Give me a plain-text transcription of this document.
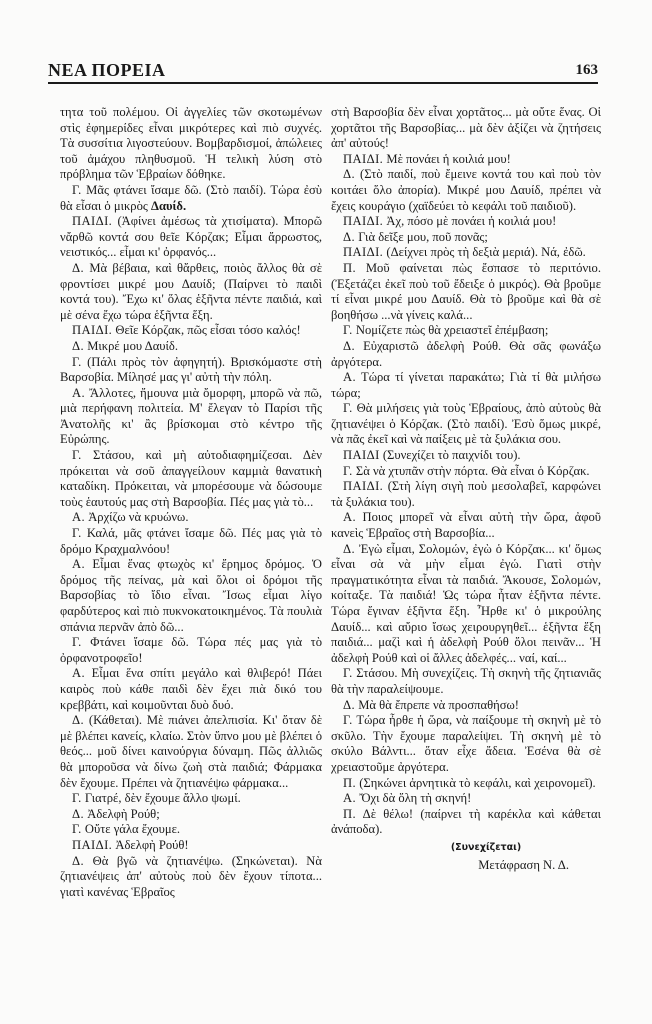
ΝΕΑ ΠΟΡΕΙΑ	163

τητα τοῦ πολέμου. Οἱ ἀγγελίες τῶν σκοτωμένων στὶς ἐφημερίδες εἶναι μικρότερες καὶ πιὸ συχνές. Τὰ συσσίτια λιγοστεύουν. Βομβαρδισμοί, ἀπώλειες τοῦ ἀμάχου πληθυσμοῦ. Ἡ τελικὴ λύση στὸ πρόβλημα τῶν Ἑβραίων δόθηκε.

Γ. Μᾶς φτάνει ἴσαμε δῶ. (Στὸ παιδί). Τώρα ἐσὺ θὰ εἶσαι ὁ μικρὸς Δαυίδ.

ΠΑΙΔΙ. (Ἀφίνει ἀμέσως τὰ χτισίματα). Μπορῶ νἄρθῶ κοντά σου θεῖε Κόρζακ; Εἶμαι ἄρρωστος, νειστικός... εἶμαι κι' ὀρφανός...

Δ. Μὰ βέβαια, καὶ θἄρθεις, ποιὸς ἄλλος θὰ σὲ φροντίσει μικρέ μου Δαυίδ; (Παίρνει τὸ παιδὶ κοντά του). Ἔχω κι' ὅλας ἑξῆντα πέντε παιδιά, καὶ μὲ σένα ἔχω τώρα ἑξῆντα ἕξη.

ΠΑΙΔΙ. Θεῖε Κόρζακ, πῶς εἶσαι τόσο καλός!

Δ. Μικρέ μου Δαυίδ.

Γ. (Πάλι πρὸς τὸν ἀφηγητή). Βρισκόμαστε στὴ Βαρσοβία. Μίλησέ μας γι' αὐτὴ τὴν πόλη.

Α. Ἄλλοτες, ἤμουνα μιὰ ὄμορφη, μπορῶ νὰ πῶ, μιὰ περήφανη πολιτεία. Μ' ἔλεγαν τὸ Παρίσι τῆς Ἀνατολῆς κι' ἂς βρίσκομαι στὸ κέντρο τῆς Εὐρώπης.

Γ. Στάσου, καὶ μὴ αὐτοδιαφημίζεσαι. Δὲν πρόκειται νὰ σοῦ ἀπαγγείλουν καμμιὰ θανατικὴ καταδίκη. Πρόκειται, νὰ μπορέσουμε νὰ δώσουμε τοὺς ἑαυτούς μας στὴ Βαρσοβία. Πές μας γιὰ τὸ...

Α. Ἀρχίζω νὰ κρυώνω.

Γ. Καλά, μᾶς φτάνει ἴσαμε δῶ. Πές μας γιὰ τὸ δρόμο Κραχμαλνόου!

Α. Εἶμαι ἕνας φτωχὸς κι' ἔρημος δρόμος. Ὁ δρόμος τῆς πείνας, μὰ καὶ ὅλοι οἱ δρόμοι τῆς Βαρσοβίας τὸ ἴδιο εἶναι. Ἴσως εἶμαι λίγο φαρδύτερος καὶ πιὸ πυκνοκατοικημένος. Τὰ πουλιὰ σπάνια περνᾶν ἀπὸ δῶ...

Γ. Φτάνει ἴσαμε δῶ. Τώρα πές μας γιὰ τὸ ὀρφανοτροφεῖο!

Α. Εἶμαι ἕνα σπίτι μεγάλο καὶ θλιβερό! Πάει καιρὸς ποὺ κάθε παιδὶ δὲν ἔχει πιὰ δικό του κρεββάτι, καὶ κοιμοῦνται δυὸ δυό.

Δ. (Κάθεται). Μὲ πιάνει ἀπελπισία. Κι' ὅταν δὲ μὲ βλέπει κανείς, κλαίω. Στὸν ὕπνο μου μὲ βλέπει ὁ θεός... μοῦ δίνει καινούργια δύναμη. Πῶς ἀλλιῶς θὰ μποροῦσα νὰ δίνω ζωὴ στὰ παιδιά; Φάρμακα δὲν ἔχουμε. Πρέπει νὰ ζητιανέψω φάρμακα...

Γ. Γιατρέ, δὲν ἔχουμε ἄλλο ψωμί.

Δ. Ἀδελφὴ Ρούθ;

Γ. Οὔτε γάλα ἔχουμε.

ΠΑΙΔΙ. Ἀδελφὴ Ρούθ!

Δ. Θὰ βγῶ νὰ ζητιανέψω. (Σηκώνεται). Νὰ ζητιανέψεις ἀπ' αὐτοὺς ποὺ δὲν ἔχουν τίποτα... γιατὶ κανένας Ἑβραῖος

στὴ Βαρσοβία δὲν εἶναι χορτᾶτος... μὰ οὔτε ἕνας. Οἱ χορτᾶτοι τῆς Βαρσοβίας... μὰ δὲν ἀξίζει νὰ ζητήσεις ἀπ' αὐτούς!

ΠΑΙΔΙ. Μὲ πονάει ἡ κοιλιά μου!

Δ. (Στὸ παιδί, ποὺ ἔμεινε κοντά του καὶ ποὺ τὸν κοιτάει ὅλο ἀπορία). Μικρέ μου Δαυίδ, πρέπει νὰ ἔχεις κουράγιο (χαϊδεύει τὸ κεφάλι τοῦ παιδιοῦ).

ΠΑΙΔΙ. Ἀχ, πόσο μὲ πονάει ἡ κοιλιά μου!

Δ. Γιὰ δεῖξε μου, ποῦ πονᾶς;

ΠΑΙΔΙ. (Δείχνει πρὸς τὴ δεξιὰ μεριά). Νά, ἐδῶ.

Π. Μοῦ φαίνεται πὼς ἔσπασε τὸ περιτόνιο. (Ἐξετάζει ἐκεῖ ποὺ τοῦ ἔδειξε ὁ μικρός). Θὰ βροῦμε τί εἶναι μικρέ μου Δαυίδ. Θὰ τὸ βροῦμε καὶ θὰ σὲ βοηθήσω ...νὰ γίνεις καλά...

Γ. Νομίζετε πὼς θὰ χρειαστεῖ ἐπέμβαση;

Δ. Εὐχαριστῶ ἀδελφὴ Ρούθ. Θὰ σᾶς φωνάξω ἀργότερα.

Α. Τώρα τί γίνεται παρακάτω; Γιὰ τί θὰ μιλήσω τώρα;

Γ. Θὰ μιλήσεις γιὰ τοὺς Ἑβραίους, ἀπὸ αὐτοὺς θὰ ζητιανέψει ὁ Κόρζακ. (Στὸ παιδί). Ἐσὺ ὅμως μικρέ, νὰ πᾶς ἐκεῖ καὶ νὰ παίξεις μὲ τὰ ξυλάκια σου.

ΠΑΙΔΙ (Συνεχίζει τὸ παιχνίδι του).

Γ. Σὰ νὰ χτυπᾶν στὴν πόρτα. Θὰ εἶναι ὁ Κόρζακ.

ΠΑΙΔΙ. (Στὴ λίγη σιγὴ ποὺ μεσολαβεῖ, καρφώνει τὰ ξυλάκια του).

Α. Ποιος μπορεῖ νὰ εἶναι αὐτὴ τὴν ὥρα, ἀφοῦ κανεὶς Ἑβραῖος στὴ Βαρσοβία...

Δ. Ἐγὼ εἶμαι, Σολομών, ἐγὼ ὁ Κόρζακ... κι' ὅμως εἶναι σὰ νὰ μὴν εἶμαι ἐγώ. Γιατὶ στὴν πραγματικότητα εἶναι τὰ παιδιά. Ἄκουσε, Σολομών, κοίταξε. Τὰ παιδιά! Ὡς τώρα ἦταν ἑξῆντα πέντε. Τώρα ἔγιναν ἑξῆντα ἕξη. Ἦρθε κι' ὁ μικρούλης Δαυίδ... καὶ αὔριο ἴσως χειρουργηθεῖ... ἑξῆντα ἕξη παιδιά... μαζὶ καὶ ἡ ἀδελφὴ Ρούθ ὅλοι πεινᾶν... Ἡ ἀδελφὴ Ρούθ καὶ οἱ ἄλλες ἀδελφές... ναί, καί...

Γ. Στάσου. Μὴ συνεχίζεις. Τὴ σκηνὴ τῆς ζητιανιᾶς θὰ τὴν παραλείψουμε.

Δ. Μὰ θὰ ἔπρεπε νὰ προσπαθήσω!

Γ. Τώρα ἦρθε ἡ ὥρα, νὰ παίξουμε τὴ σκηνὴ μὲ τὸ σκῦλο. Τὴν ἔχουμε παραλείψει. Τὴ σκηνὴ μὲ τὸ σκύλο Βάλντι... ὅταν εἶχε ἄδεια. Ἐσένα θὰ σὲ χρειαστοῦμε ἀργότερα.

Π. (Σηκώνει ἀρνητικὰ τὸ κεφάλι, καὶ χειρονομεῖ).

Α. Ὄχι δὰ ὅλη τὴ σκηνή!

Π. Δὲ θέλω! (παίρνει τὴ καρέκλα καὶ κάθεται ἀνάποδα).

(Συνεχίζεται)

Μετάφραση Ν. Δ.
